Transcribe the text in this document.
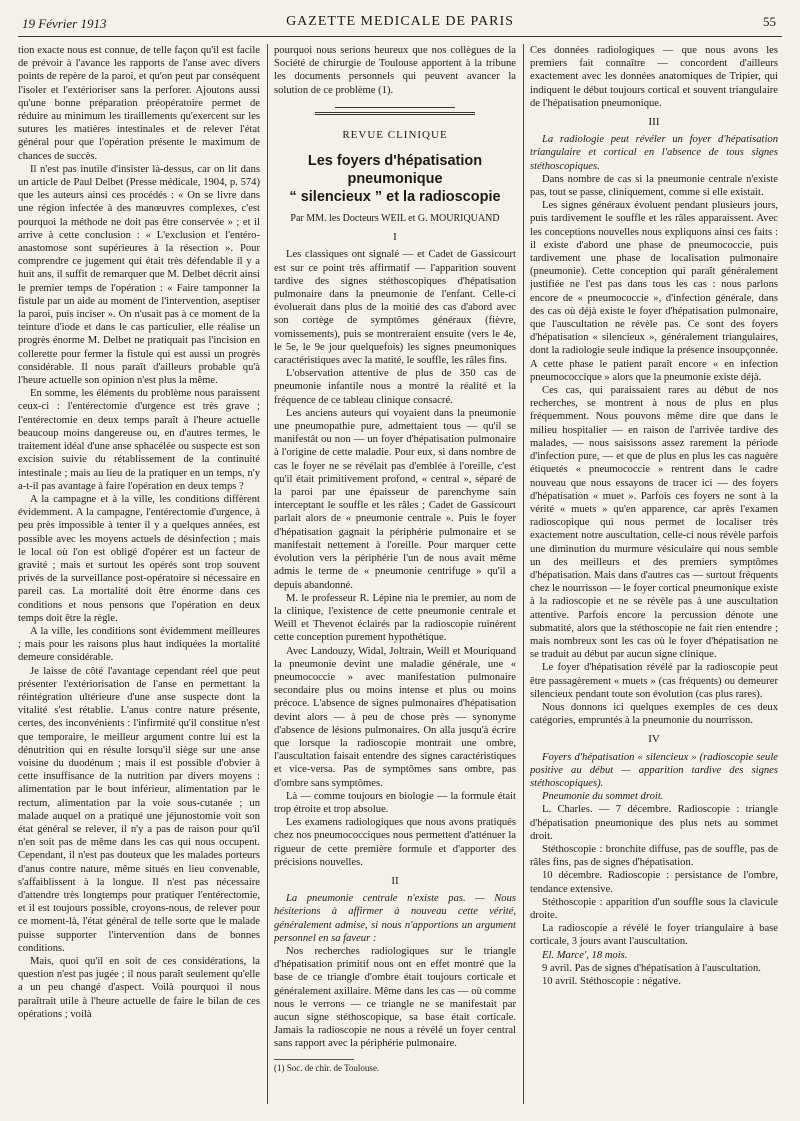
19 Février 1913	GAZETTE MEDICALE DE PARIS	55

tion exacte nous est connue, de telle façon qu'il est facile de prévoir à l'avance les rapports de l'anse avec divers points de repère de la paroi, et qu'on peut par conséquent l'isoler et l'extérioriser sans la perforer. Ajoutons aussi qu'une bonne préparation préopératoire permet de réduire au minimum les tiraillements qu'exercent sur les sutures les matières intestinales et de relever l'état général pour que l'opération présente le maximum de chances de succès.

Il n'est pas inutile d'insister là-dessus, car on lit dans un article de Paul Delbet (Presse médicale, 1904, p. 574) que les auteurs ainsi ces procédés : « On se livre dans une région infectée à des manœuvres complexes, c'est pourquoi la méthode ne doit pas être conservée » ; et il arrive à cette conclusion : « L'exclusion et l'entéro-anastomose sont supérieures à la résection ». Pour comprendre ce jugement qui était très défendable il y a huit ans, il suffit de remarquer que M. Delbet décrit ainsi le premier temps de l'opération : « Faire tamponner la fistule par un aide au moment de l'intervention, aseptiser la paroi, puis inciser ». On n'usait pas à ce moment de la teinture d'iode et dans le cas particulier, elle réalise un progrès énorme M. Delbet ne pratiquait pas l'incision en collerette pour fermer la fistule qui est aussi un progrès considérable. Il nous paraît d'ailleurs probable qu'à l'heure actuelle son opinion n'est plus la même.

En somme, les éléments du problème nous paraissent ceux-ci : l'entérectomie d'urgence est très grave ; l'entérectomie en deux temps paraît à l'heure actuelle beaucoup moins dangereuse ou, en d'autres termes, le traitement idéal d'une anse sphacélée ou suspecte est son excision suivie du rétablissement de la continuité intestinale ; mais au lieu de la pratiquer en un temps, n'y a-t-il pas avantage à faire l'opération en deux temps ?

A la campagne et à la ville, les conditions diffèrent évidemment. A la campagne, l'entérectomie d'urgence, à peu près impossible à tenter il y a quelques années, est possible avec les moyens actuels de désinfection ; mais le local où l'on est obligé d'opérer est un facteur de gravité ; mais et surtout les opérés sont trop souvent privés de la surveillance post-opératoire si nécessaire en pareil cas. La mortalité doit être énorme dans ces conditions et nous pensons que l'opération en deux temps doit être la règle.

A la ville, les conditions sont évidemment meilleures ; mais pour les raisons plus haut indiquées la mortalité demeure considérable.

Je laisse de côté l'avantage cependant réel que peut présenter l'extériorisation de l'anse en permettant la réintégration ultérieure d'une anse suspecte dont la vitalité s'est rétablie. L'anus contre nature présente, certes, des inconvénients : l'infirmité qu'il constitue n'est que temporaire, le meilleur argument contre lui est la dénutrition qui en résulte lorsqu'il siège sur une anse voisine du duodénum ; mais il est possible d'obvier à cette insuffisance de la nutrition par divers moyens : alimentation par le bout inférieur, alimentation par le rectum, alimentation par la voie sous-cutanée ; un malade auquel on a pratiqué une jéjunostomie voit son état général se relever, il n'y a pas de raison pour qu'il n'en soit pas de même dans les cas qui nous occupent. Cependant, il n'est pas douteux que les malades porteurs d'anus contre nature, même situés en lieu convenable, s'affaiblissent à la longue. Il n'est pas nécessaire d'attendre très longtemps pour pratiquer l'entérectomie, et il est toujours possible, croyons-nous, de relever pour ce moment-là, l'état général de telle sorte que le malade puisse supporter l'intervention dans de bonnes conditions.

Mais, quoi qu'il en soit de ces considérations, la question n'est pas jugée ; il nous paraît seulement qu'elle a un peu changé d'aspect. Voilà pourquoi il nous paraîtrait utile à l'heure actuelle de faire le bilan de ces opérations ; voilà

pourquoi nous serions heureux que nos collègues de la Société de chirurgie de Toulouse apportent à la tribune les documents personnels qui peuvent avancer la solution de ce problème (1).

REVUE CLINIQUE
Les foyers d'hépatisation pneumonique
“ silencieux ” et la radioscopie
Par MM. les Docteurs WEIL et G. MOURIQUAND
I

Les classiques ont signalé — et Cadet de Gassicourt est sur ce point très affirmatif — l'apparition souvent tardive des signes stéthoscopiques d'hépatisation pulmonaire dans la pneumonie de l'enfant. Celle-ci évoluerait dans plus de la moitié des cas d'abord avec son cortège de symptômes généraux (fièvre, vomissements), puis se montreraient ensuite (vers le 4e, le 5e, le 9e jour quelquefois) les signes pneumoniques caractéristiques avec la matité, le souffle, les râles fins.

L'observation attentive de plus de 350 cas de pneumonie infantile nous a montré la réalité et la fréquence de ce tableau clinique consacré.

Les anciens auteurs qui voyaient dans la pneumonie une pneumopathie pure, admettaient tous — qu'il se manifestât ou non — un foyer d'hépatisation pulmonaire à l'origine de cette maladie. Pour eux, si dans nombre de cas le foyer ne se révélait pas d'emblée à l'oreille, c'est qu'il était primitivement profond, « central », séparé de la paroi par une épaisseur de parenchyme sain interceptant le souffle et les râles ; Cadet de Gassicourt parlait alors de « pneumonie centrale ». Puis le foyer d'hépatisation gagnait la périphérie pulmonaire et se manifestait nettement à l'oreille. Pour marquer cette évolution vers la périphérie l'un de nous avait même admis le terme de « pneumonie centrifuge » qu'il a depuis abandonné.

M. le professeur R. Lépine nia le premier, au nom de la clinique, l'existence de cette pneumonie centrale et Weill et Thevenot éclairés par la radioscopie ruinèrent cette conception purement hypothétique.

Avec Landouzy, Widal, Joltrain, Weill et Mouriquand la pneumonie devint une maladie générale, une « pneumococcie » avec manifestation pulmonaire secondaire plus ou moins intense et plus ou moins précoce. L'absence de signes pulmonaires d'hépatisation devint alors — à peu de chose près — synonyme d'absence de lésions pulmonaires. On alla jusqu'à écrire que lorsque la radioscopie montrait une ombre, l'auscultation faisait entendre des signes caractéristiques et vice-versa. Pas de symptômes sans ombre, pas d'ombre sans symptômes.

Là — comme toujours en biologie — la formule était trop étroite et trop absolue.

Les examens radiologiques que nous avons pratiqués chez nos pneumococciques nous permettent d'atténuer la rigueur de cette première formule et d'apporter des précisions nouvelles.

II

La pneumonie centrale n'existe pas. — Nous hésiterions à affirmer à nouveau cette vérité, généralement admise, si nous n'apportions un argument personnel en sa faveur :

Nos recherches radiologiques sur le triangle d'hépatisation primitif nous ont en effet montré que la base de ce triangle d'ombre était toujours corticale et généralement axillaire. Même dans les cas — où comme nous le verrons — ce triangle ne se manifestait par aucun signe stéthoscopique, sa base était corticale. Jamais la radioscopie ne nous a révélé un foyer central sans rapport avec la périphérie pulmonaire.

(1) Soc. de chir. de Toulouse.

Ces données radiologiques — que nous avons les premiers fait connaître — concordent d'ailleurs exactement avec les données anatomiques de Tripier, qui indiquent le début toujours cortical et souvent triangulaire de l'hépatisation pneumonique.

III

La radiologie peut révéler un foyer d'hépatisation triangulaire et cortical en l'absence de tous signes stéthoscopiques.

Dans nombre de cas si la pneumonie centrale n'existe pas, tout se passe, cliniquement, comme si elle existait.

Les signes généraux évoluent pendant plusieurs jours, puis tardivement le souffle et les râles apparaissent. Avec les conceptions nouvelles nous expliquons ainsi ces faits : il existe d'abord une phase de pneumococcie, puis tardivement une phase de localisation pulmonaire (pneumonie). Cette conception qui paraît généralement justifiée ne l'est pas dans tous les cas : nous parlons encore de « pneumococcie », d'infection générale, dans des cas où déjà existe le foyer d'hépatisation pulmonaire, que l'auscultation ne révèle pas. Ce sont des foyers d'hépatisation « silencieux », généralement triangulaires, dont la radiologie seule indique la présence insoupçonnée. A cette phase le patient paraît encore « en infection pneumococcique » alors que la pneumonie existe déjà.

Ces cas, qui paraissaient rares au début de nos recherches, se montrent à nous de plus en plus fréquemment. Nous pouvons même dire que dans le milieu hospitalier — en raison de l'arrivée tardive des malades, — nous saisissons assez rarement la période d'infection pure, — et que de plus en plus les cas naguère étiquetés « pneumococcie » rentrent dans le cadre nouveau que nous essayons de tracer ici — des foyers d'hépatisation « muet ». Parfois ces foyers ne sont à la vérité « muets » qu'en apparence, car après l'examen radioscopique qui nous permet de localiser très exactement notre auscultation, celle-ci nous révèle parfois une diminution du murmure vésiculaire qui nous semble un des meilleurs et des premiers symptômes d'hépatisation. Mais dans d'autres cas — surtout fréquents chez le nourrisson — le foyer cortical pneumonique existe à la radioscopie et ne se révèle pas à une auscultation attentive. Parfois encore la percussion dénote une submatité, alors que la stéthoscopie ne fait rien entendre ; mais nombreux sont les cas où le foyer d'hépatisation ne se traduit au début par aucun signe clinique.

Le foyer d'hépatisation révélé par la radioscopie peut être passagèrement « muets » (cas fréquents) ou demeurer silencieux pendant toute son évolution (cas plus rares).

Nous donnons ici quelques exemples de ces deux catégories, empruntés à la pneumonie du nourrisson.

IV

Foyers d'hépatisation « silencieux » (radioscopie seule positive au début — apparition tardive des signes stéthoscopiques).

Pneumonie du sommet droit.

L. Charles. — 7 décembre. Radioscopie : triangle d'hépatisation pneumonique des plus nets au sommet droit.

Stéthoscopie : bronchite diffuse, pas de souffle, pas de râles fins, pas de signes d'hépatisation.

10 décembre. Radioscopie : persistance de l'ombre, tendance extensive.

Stéthoscopie : apparition d'un souffle sous la clavicule droite.

La radioscopie a révélé le foyer triangulaire à base corticale, 3 jours avant l'auscultation.

El. Marce', 18 mois.

9 avril. Pas de signes d'hépatisation à l'auscultation.

10 avril. Stéthoscopie : négative.
